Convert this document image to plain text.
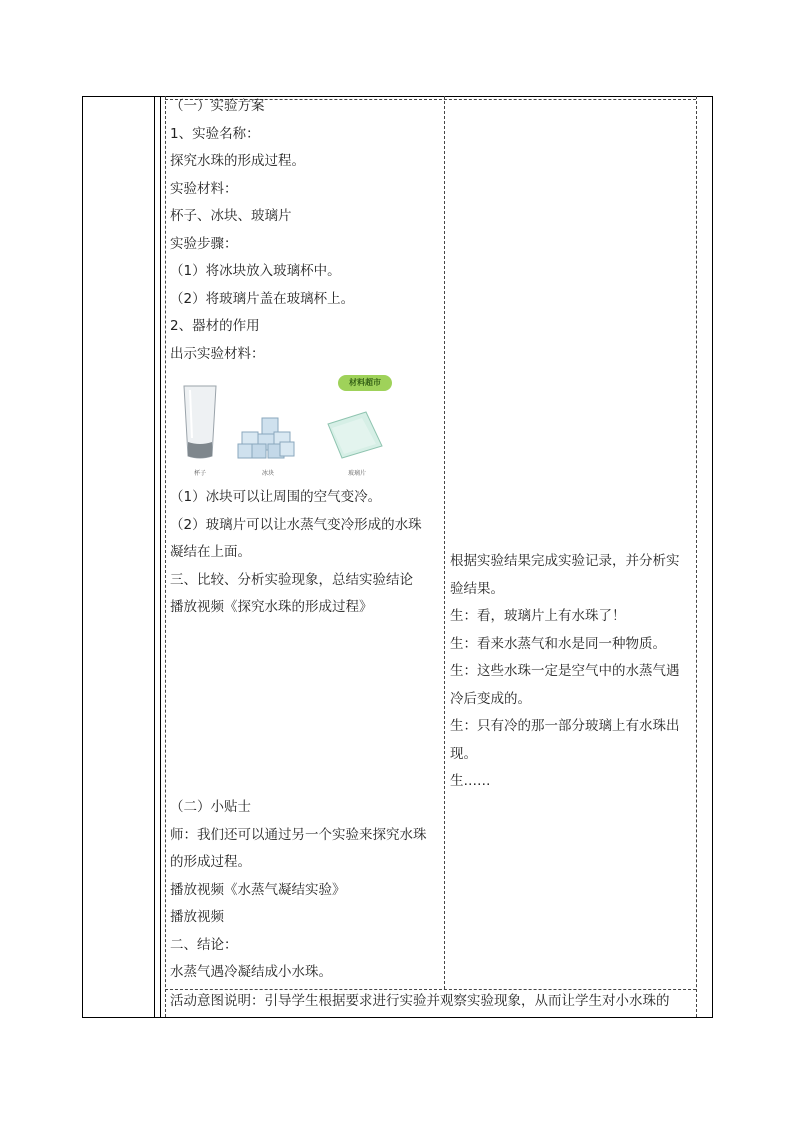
（一）实验方案
1、实验名称：
探究水珠的形成过程。
实验材料：
杯子、冰块、玻璃片
实验步骤：
（1）将冰块放入玻璃杯中。
（2）将玻璃片盖在玻璃杯上。
2、器材的作用
出示实验材料：
材料超市
杯子	冰块	玻璃片
（1）冰块可以让周围的空气变冷。
（2）玻璃片可以让水蒸气变冷形成的水珠
凝结在上面。
三、比较、分析实验现象，总结实验结论
播放视频《探究水珠的形成过程》
（二）小贴士
师：我们还可以通过另一个实验来探究水珠
的形成过程。
播放视频《水蒸气凝结实验》
播放视频
二、结论：
水蒸气遇冷凝结成小水珠。
根据实验结果完成实验记录，并分析实
验结果。
生：看，玻璃片上有水珠了！
生：看来水蒸气和水是同一种物质。
生：这些水珠一定是空气中的水蒸气遇
冷后变成的。
生：只有冷的那一部分玻璃上有水珠出
现。
生……
活动意图说明：引导学生根据要求进行实验并观察实验现象，从而让学生对小水珠的
